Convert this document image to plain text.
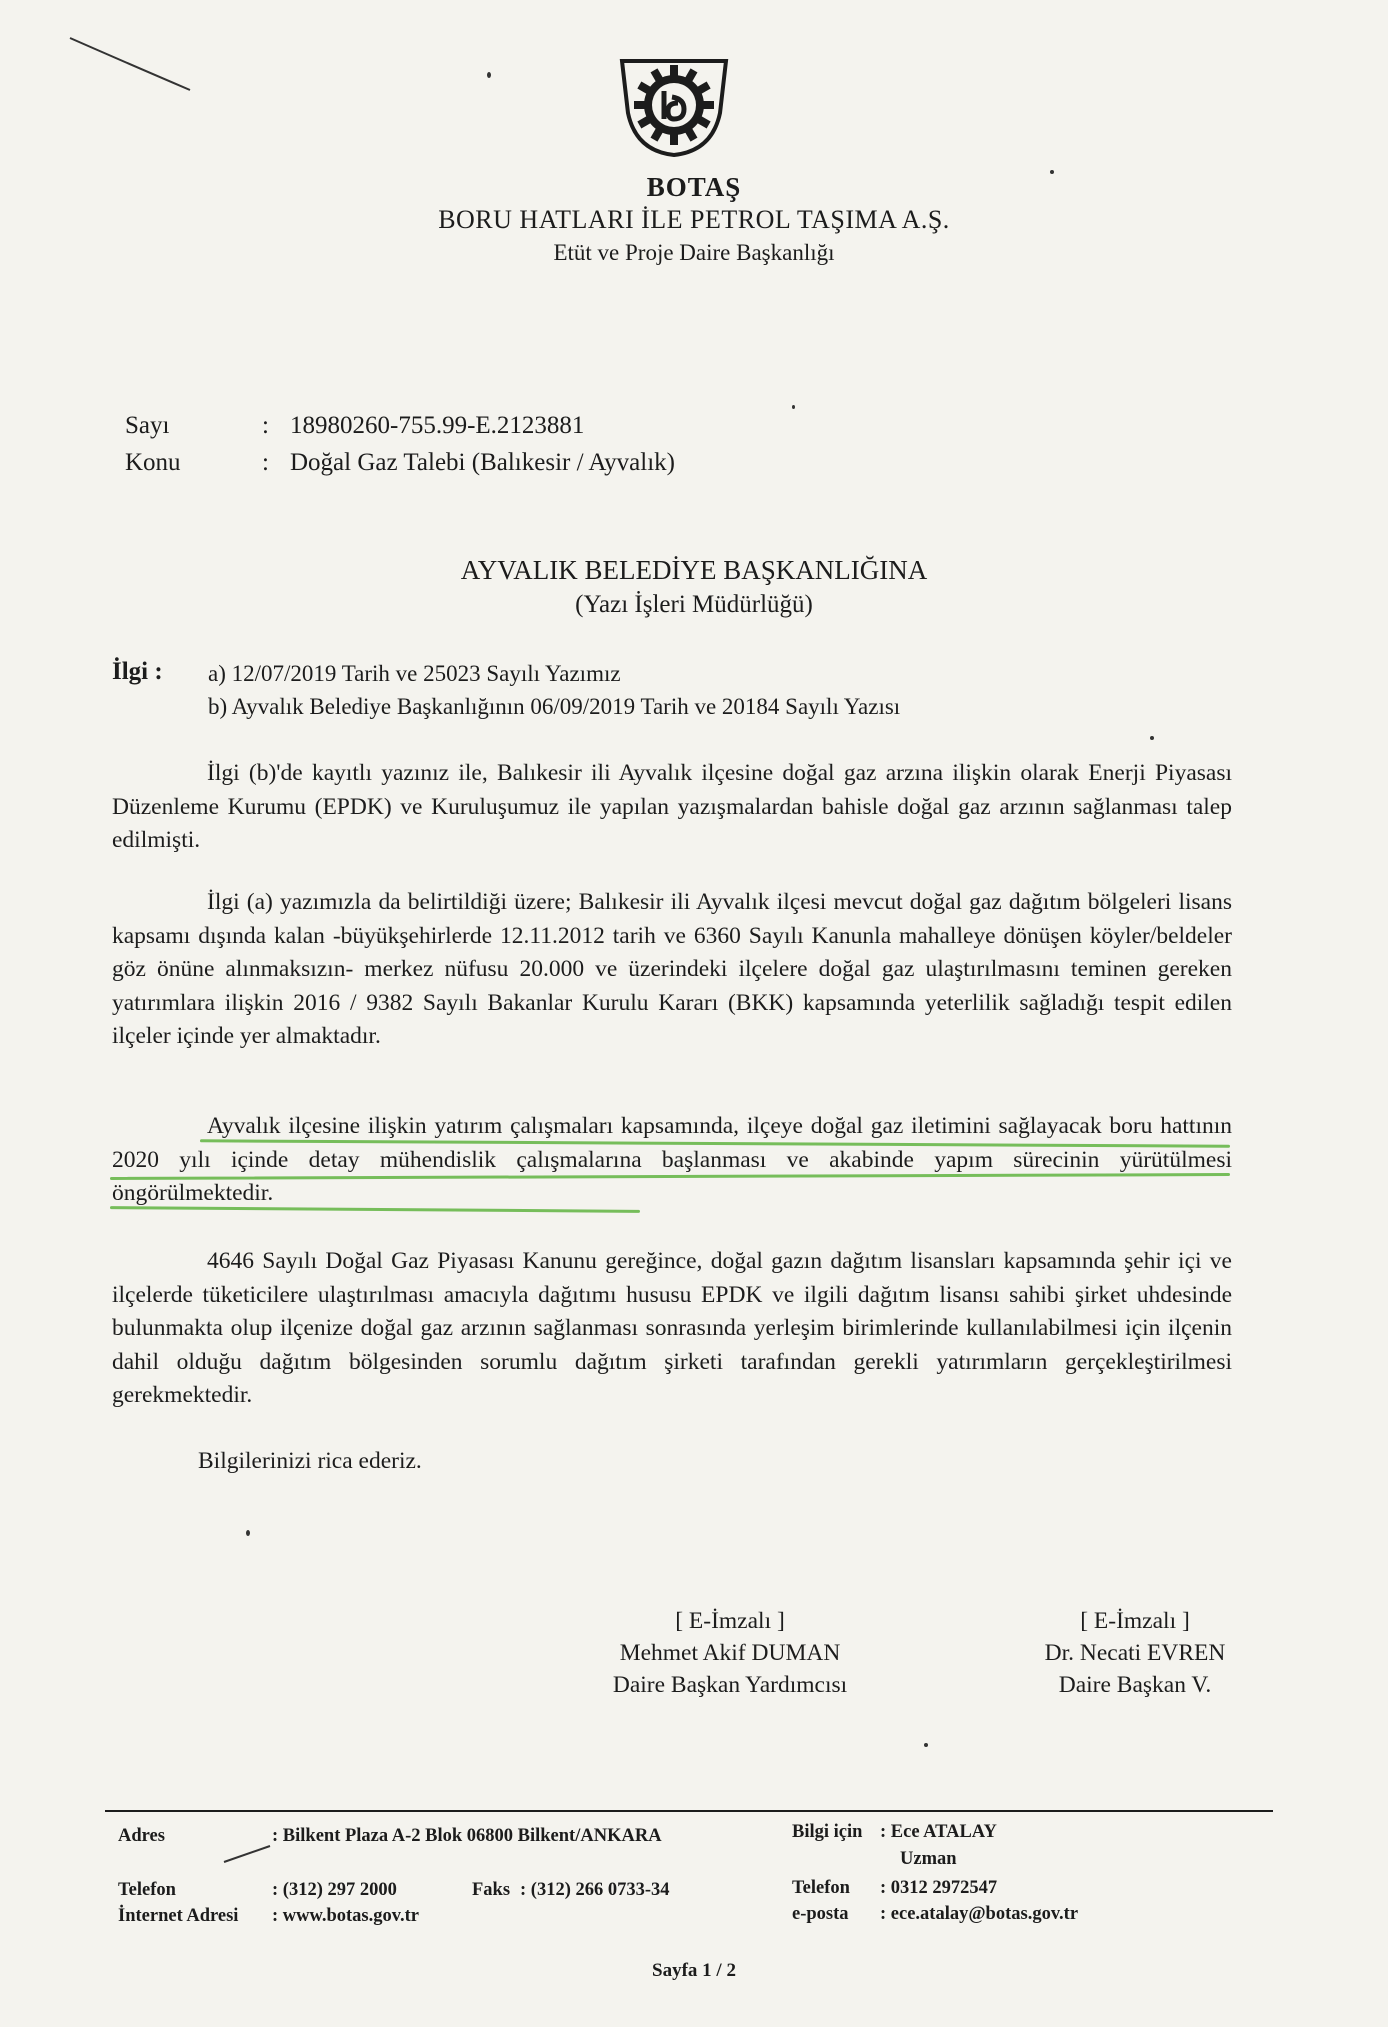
BOTAŞ
BORU HATLARI İLE PETROL TAŞIMA A.Ş.
Etüt ve Proje Daire Başkanlığı
Sayı	: 18980260-755.99-E.2123881
Konu	: Doğal Gaz Talebi (Balıkesir / Ayvalık)
AYVALIK BELEDİYE BAŞKANLIĞINA
(Yazı İşleri Müdürlüğü)
İlgi : a) 12/07/2019 Tarih ve 25023 Sayılı Yazımız
b) Ayvalık Belediye Başkanlığının 06/09/2019 Tarih ve 20184 Sayılı Yazısı

İlgi (b)'de kayıtlı yazınız ile, Balıkesir ili Ayvalık ilçesine doğal gaz arzına ilişkin olarak Enerji Piyasası Düzenleme Kurumu (EPDK) ve Kuruluşumuz ile yapılan yazışmalardan bahisle doğal gaz arzının sağlanması talep edilmişti.

İlgi (a) yazımızla da belirtildiği üzere; Balıkesir ili Ayvalık ilçesi mevcut doğal gaz dağıtım bölgeleri lisans kapsamı dışında kalan -büyükşehirlerde 12.11.2012 tarih ve 6360 Sayılı Kanunla mahalleye dönüşen köyler/beldeler göz önüne alınmaksızın- merkez nüfusu 20.000 ve üzerindeki ilçelere doğal gaz ulaştırılmasını teminen gereken yatırımlara ilişkin 2016 / 9382 Sayılı Bakanlar Kurulu Kararı (BKK) kapsamında yeterlilik sağladığı tespit edilen ilçeler içinde yer almaktadır.

Ayvalık ilçesine ilişkin yatırım çalışmaları kapsamında, ilçeye doğal gaz iletimini sağlayacak boru hattının 2020 yılı içinde detay mühendislik çalışmalarına başlanması ve akabinde yapım sürecinin yürütülmesi öngörülmektedir.

4646 Sayılı Doğal Gaz Piyasası Kanunu gereğince, doğal gazın dağıtım lisansları kapsamında şehir içi ve ilçelerde tüketicilere ulaştırılması amacıyla dağıtımı hususu EPDK ve ilgili dağıtım lisansı sahibi şirket uhdesinde bulunmakta olup ilçenize doğal gaz arzının sağlanması sonrasında yerleşim birimlerinde kullanılabilmesi için ilçenin dahil olduğu dağıtım bölgesinden sorumlu dağıtım şirketi tarafından gerekli yatırımların gerçekleştirilmesi gerekmektedir.

Bilgilerinizi rica ederiz.
[ E-İmzalı ]
Mehmet Akif DUMAN
Daire Başkan Yardımcısı
[ E-İmzalı ]
Dr. Necati EVREN
Daire Başkan V.
Adres	: Bilkent Plaza A-2 Blok 06800 Bilkent/ANKARA
Telefon	: (312) 297 2000	Faks : (312) 266 0733-34
İnternet Adresi : www.botas.gov.tr
Bilgi için : Ece ATALAY
Uzman
Telefon : 0312 2972547
e-posta : ece.atalay@botas.gov.tr
Sayfa 1 / 2
